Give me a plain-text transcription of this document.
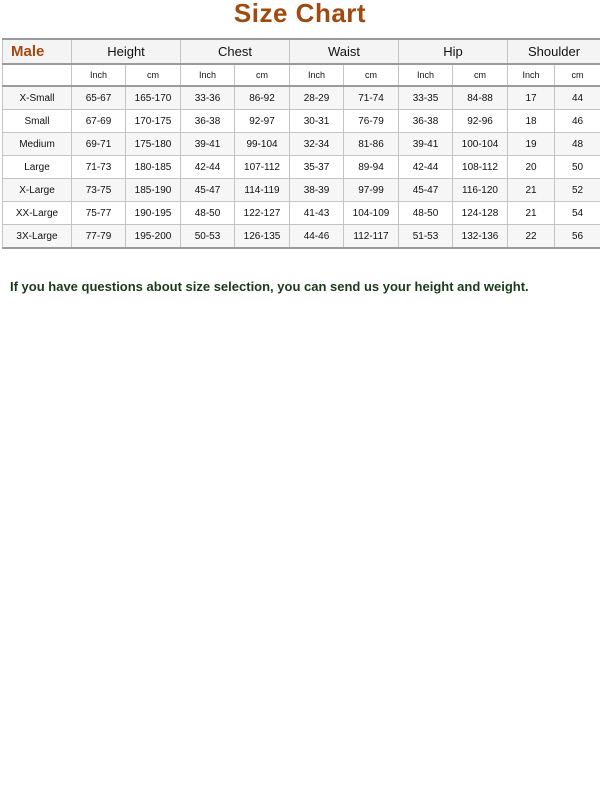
Size Chart
Male	Height		Chest		Waist		Hip		Shoulder	
	Inch	cm	Inch	cm	Inch	cm	Inch	cm	Inch	cm
X-Small	65-67	165-170	33-36	86-92	28-29	71-74	33-35	84-88	17	44
Small	67-69	170-175	36-38	92-97	30-31	76-79	36-38	92-96	18	46
Medium	69-71	175-180	39-41	99-104	32-34	81-86	39-41	100-104	19	48
Large	71-73	180-185	42-44	107-112	35-37	89-94	42-44	108-112	20	50
X-Large	73-75	185-190	45-47	114-119	38-39	97-99	45-47	116-120	21	52
XX-Large	75-77	190-195	48-50	122-127	41-43	104-109	48-50	124-128	21	54
3X-Large	77-79	195-200	50-53	126-135	44-46	112-117	51-53	132-136	22	56
If you have questions about size selection, you can send us your height and weight.
